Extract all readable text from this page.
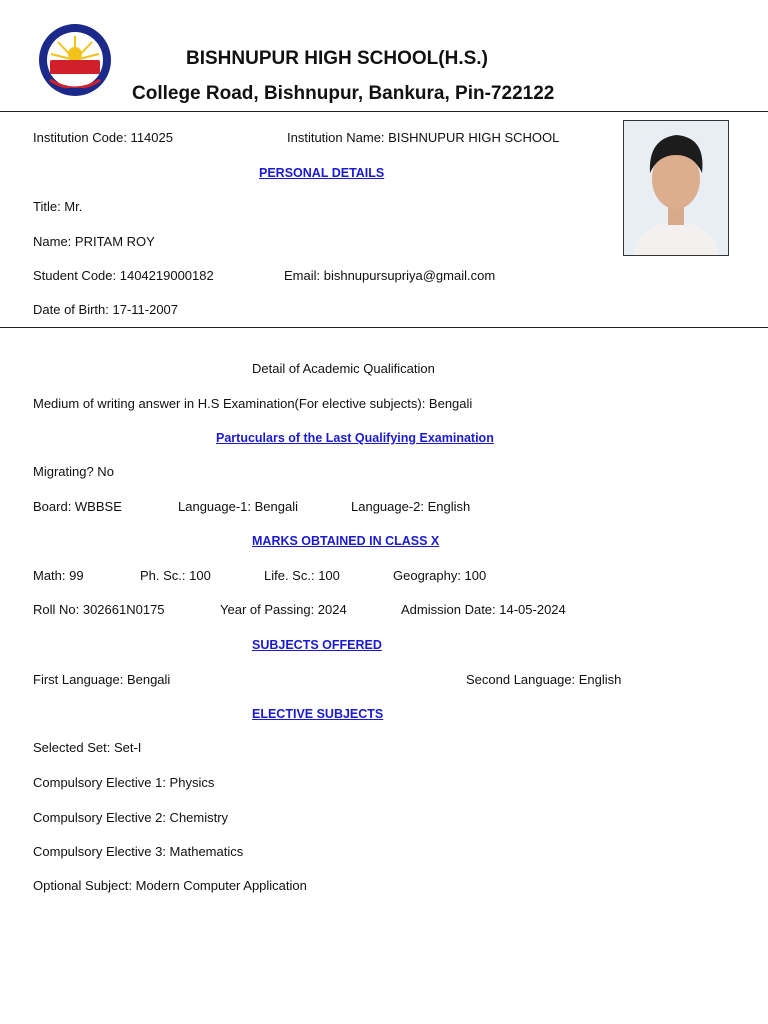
BISHNUPUR HIGH SCHOOL(H.S.)
College Road, Bishnupur, Bankura, Pin-722122
Institution Code: 114025	Institution Name: BISHNUPUR HIGH SCHOOL
PERSONAL DETAILS
Title: Mr.
Name: PRITAM ROY
Student Code: 1404219000182	Email: bishnupursupriya@gmail.com
Date of Birth: 17-11-2007
Detail of Academic Qualification
Medium of writing answer in H.S Examination(For elective subjects): Bengali
Partuculars of the Last Qualifying Examination
Migrating? No
Board: WBBSE	Language-1: Bengali	Language-2: English
MARKS OBTAINED IN CLASS X
Math: 99	Ph. Sc.: 100	Life. Sc.: 100	Geography: 100
Roll No: 302661N0175	Year of Passing: 2024	Admission Date: 14-05-2024
SUBJECTS OFFERED
First Language: Bengali	Second Language: English
ELECTIVE SUBJECTS
Selected Set: Set-I
Compulsory Elective 1: Physics
Compulsory Elective 2: Chemistry
Compulsory Elective 3: Mathematics
Optional Subject: Modern Computer Application
